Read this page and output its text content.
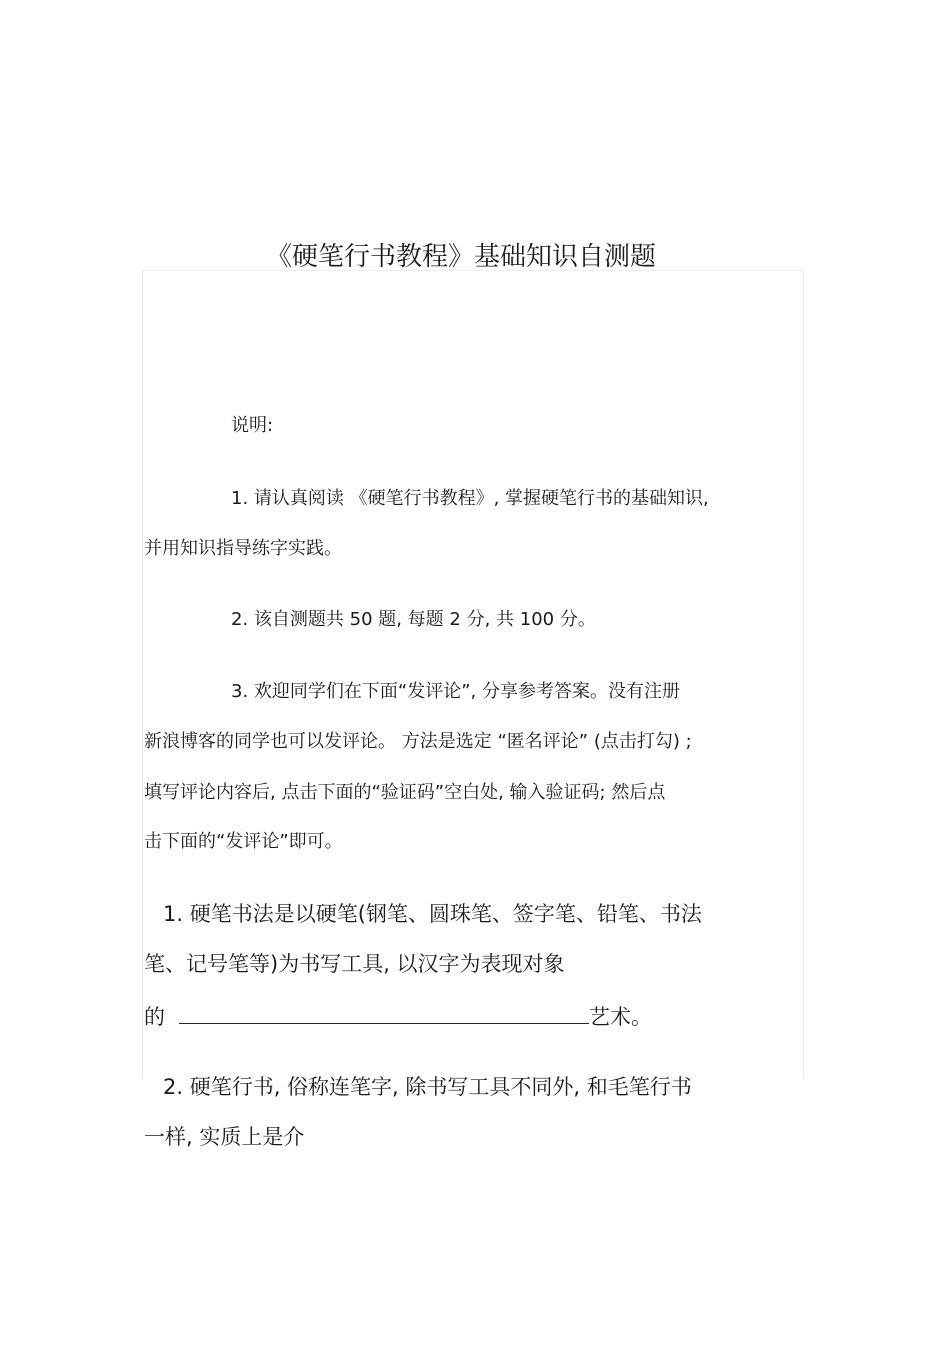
《硬笔行书教程》基础知识自测题
说明:
1. 请认真阅读 《硬笔行书教程》, 掌握硬笔行书的基础知识,
并用知识指导练字实践。
2. 该自测题共 50 题, 每题 2 分, 共 100 分。
3. 欢迎同学们在下面“发评论”, 分享参考答案。没有注册
新浪博客的同学也可以发评论。 方法是选定 “匿名评论” (点击打勾) ;
填写评论内容后, 点击下面的“验证码”空白处, 输入验证码; 然后点
击下面的“发评论”即可。
1. 硬笔书法是以硬笔(钢笔、圆珠笔、签字笔、铅笔、书法
笔、记号笔等)为书写工具, 以汉字为表现对象
的	艺术。
2. 硬笔行书, 俗称连笔字, 除书写工具不同外, 和毛笔行书
一样, 实质上是介
